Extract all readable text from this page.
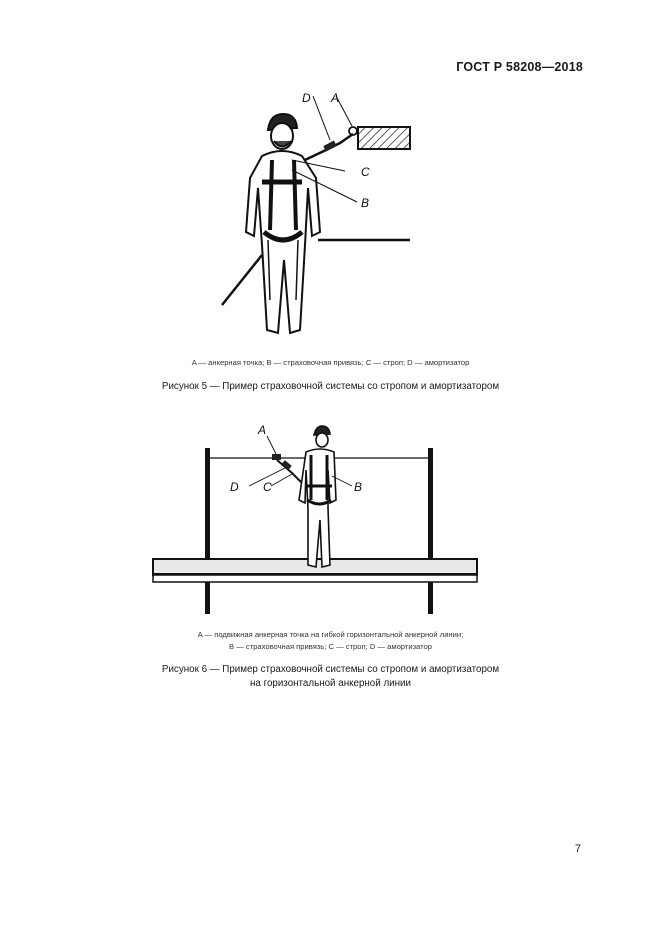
ГОСТ Р 58208—2018
A
D
C
B
A — анкерная точка; B — страховочная привязь; C — строп; D — амортизатор
Рисунок 5 — Пример страховочной системы со стропом и амортизатором
A
D C	B
A — подвижная анкерная точка на гибкой горизонтальной анкерной линии;
B — страховочная привязь; C — строп; D — амортизатор
Рисунок 6 — Пример страховочной системы со стропом и амортизатором
на горизонтальной анкерной линии
7
